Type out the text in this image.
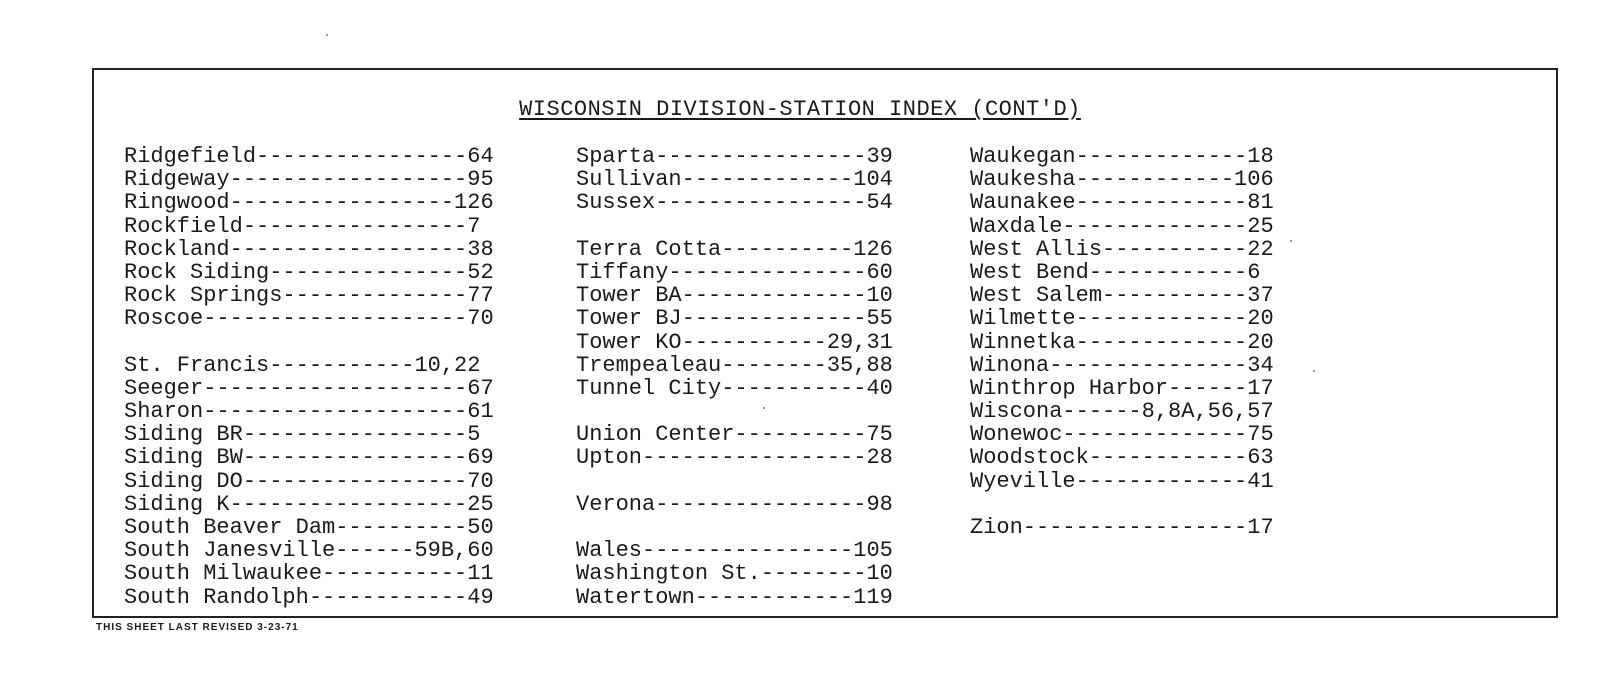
WISCONSIN DIVISION-STATION INDEX (CONT'D)
Ridgefield----------------64
Ridgeway------------------95
Ringwood-----------------126
Rockfield-----------------7
Rockland------------------38
Rock Siding---------------52
Rock Springs--------------77
Roscoe--------------------70
St. Francis-----------10,22
Seeger--------------------67
Sharon--------------------61
Siding BR-----------------5
Siding BW-----------------69
Siding DO-----------------70
Siding K------------------25
South Beaver Dam----------50
South Janesville------59B,60
South Milwaukee-----------11
South Randolph------------49
Sparta----------------39
Sullivan-------------104
Sussex----------------54
Terra Cotta----------126
Tiffany---------------60
Tower BA--------------10
Tower BJ--------------55
Tower KO-----------29,31
Trempealeau--------35,88
Tunnel City-----------40
Union Center----------75
Upton-----------------28
Verona----------------98
Wales----------------105
Washington St.--------10
Watertown------------119
Waukegan-------------18
Waukesha------------106
Waunakee-------------81
Waxdale--------------25
West Allis-----------22
West Bend------------6
West Salem-----------37
Wilmette-------------20
Winnetka-------------20
Winona---------------34
Winthrop Harbor------17
Wiscona------8,8A,56,57
Wonewoc--------------75
Woodstock------------63
Wyeville-------------41
Zion-----------------17
THIS SHEET LAST REVISED 3-23-71
